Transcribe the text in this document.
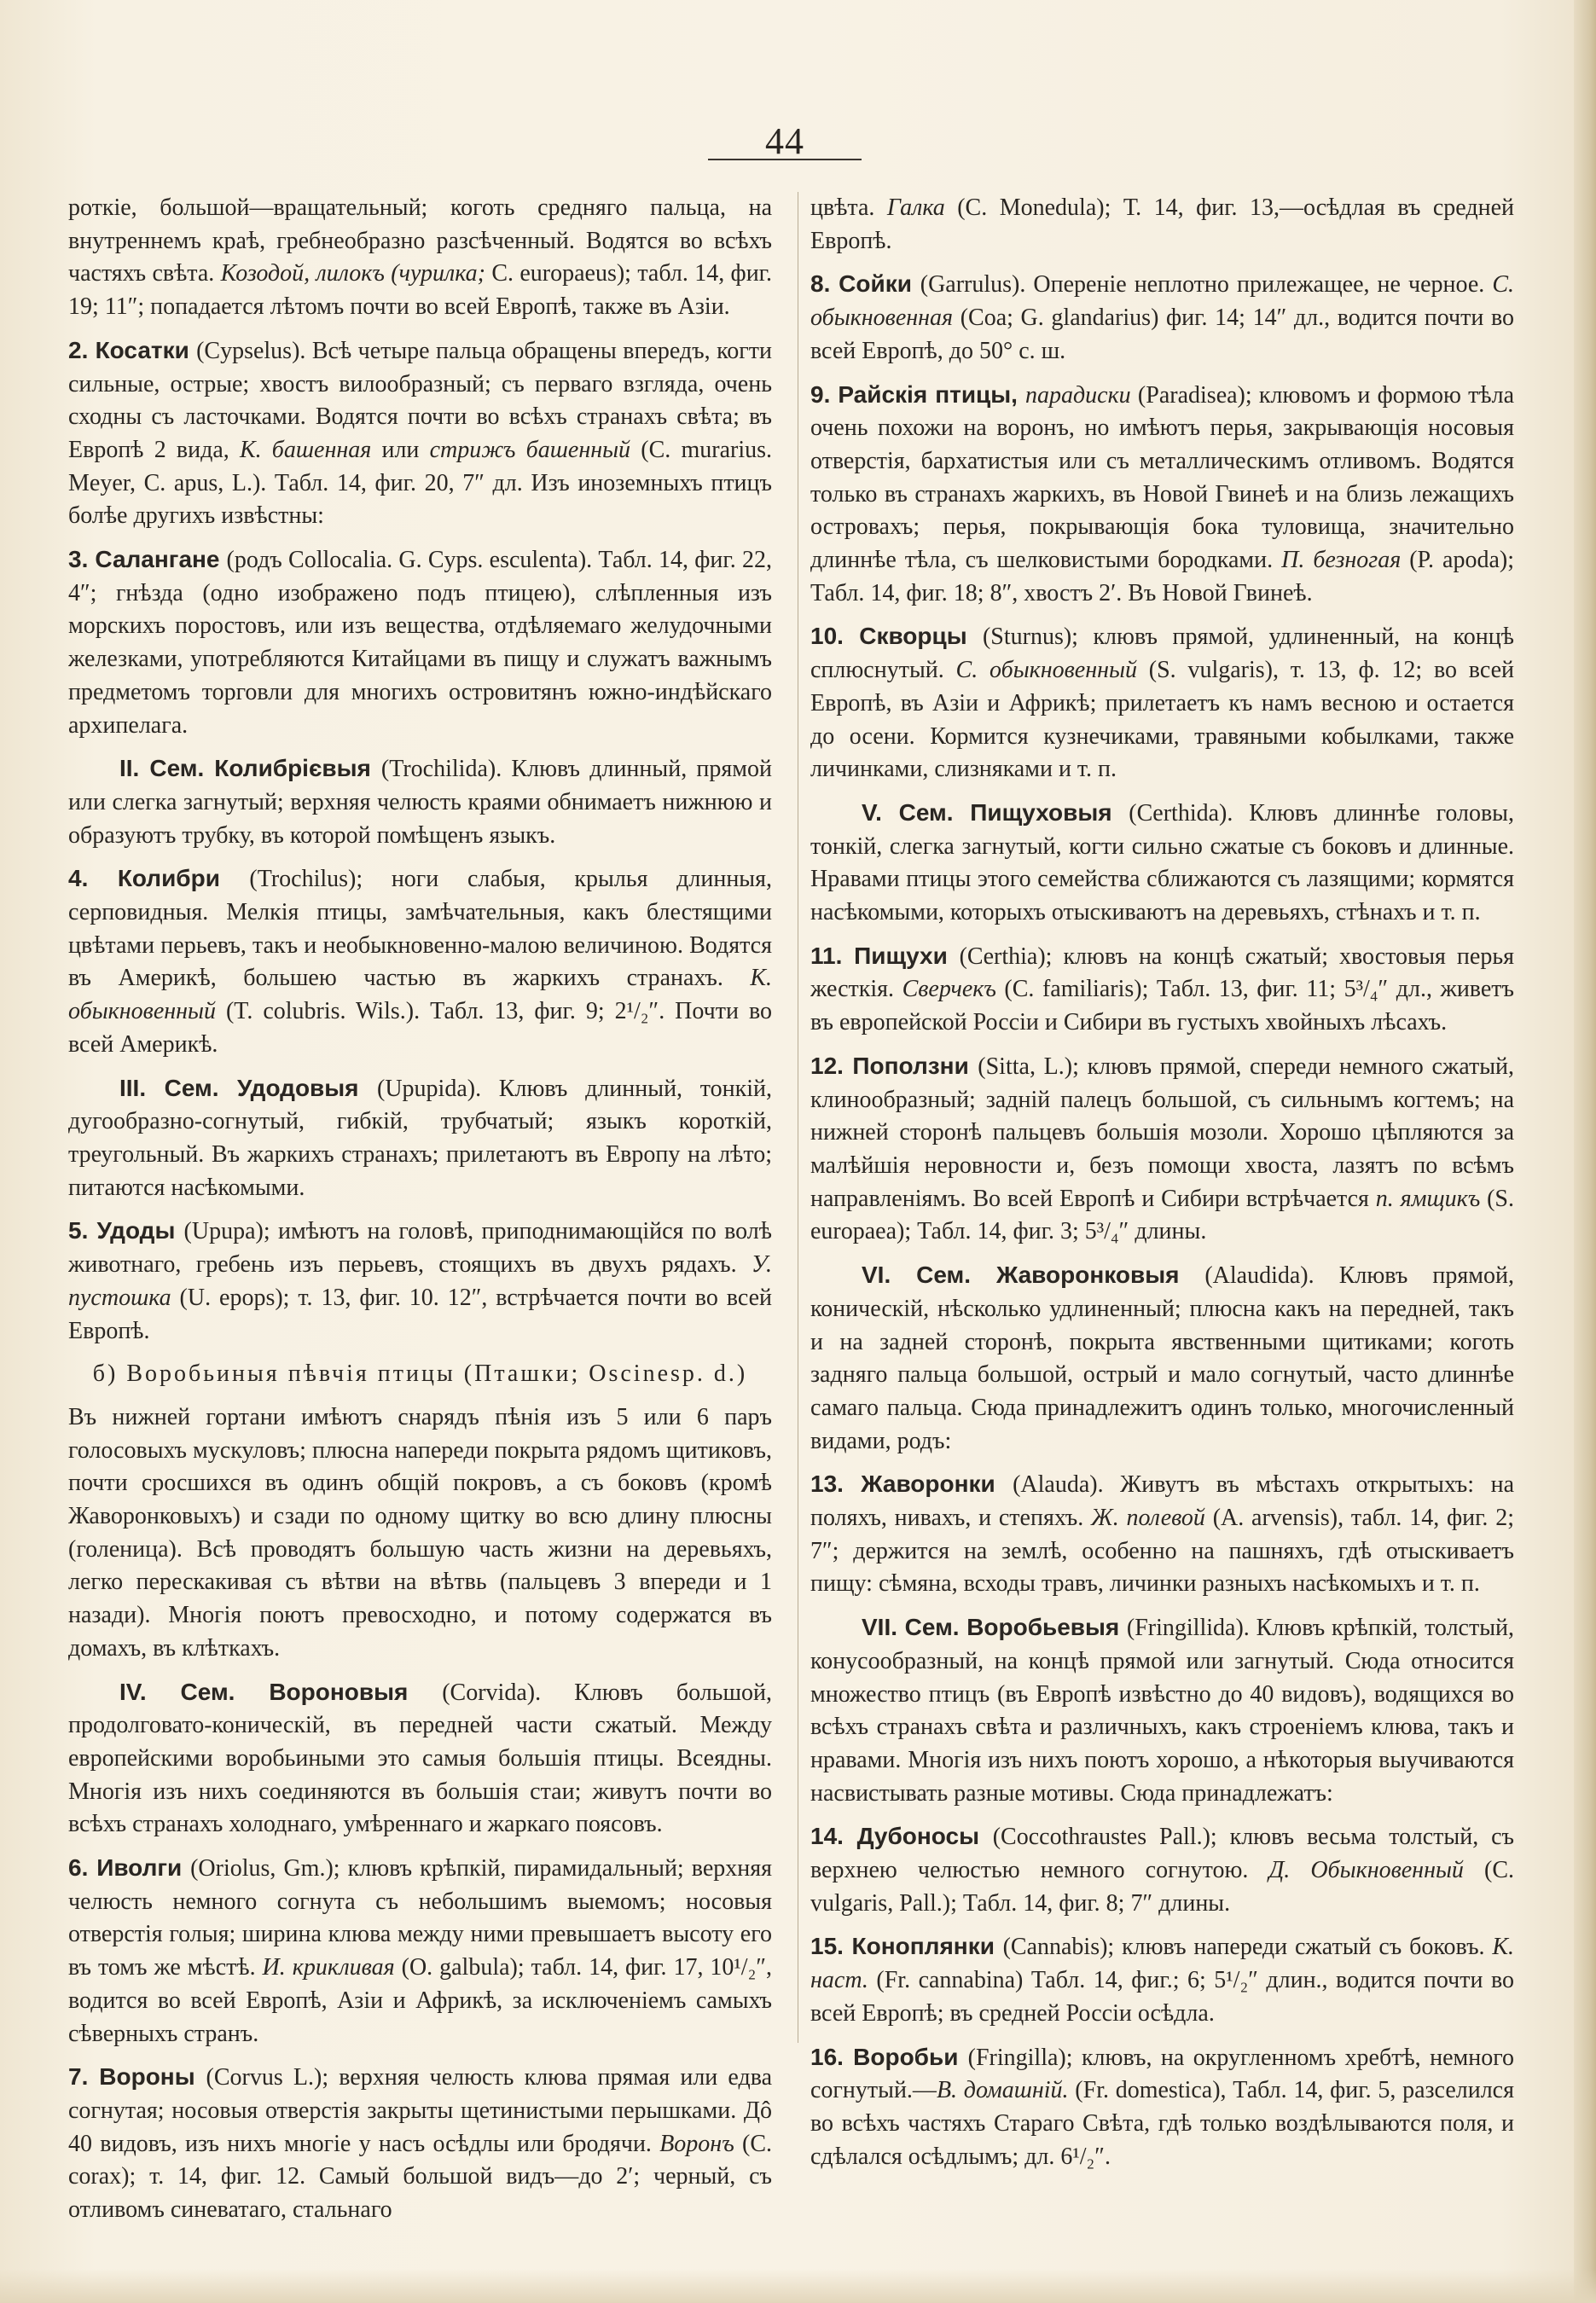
44

роткіе, большой—вращательный; коготь средняго пальца, на внутреннемъ краѣ, гребнеобразно разсѣченный. Водятся во всѣхъ частяхъ свѣта. Козодой, лилокъ (чурилка; C. europaeus); табл. 14, фиг. 19; 11″; попадается лѣтомъ почти во всей Европѣ, также въ Азіи.

2. Косатки (Cypselus). Всѣ четыре пальца обращены впередъ, когти сильные, острые; хвостъ вилообразный; съ перваго взгляда, очень сходны съ ласточками. Водятся почти во всѣхъ странахъ свѣта; въ Европѣ 2 вида, К. башенная или стрижъ башенный (C. murarius. Meyer, C. apus, L.). Табл. 14, фиг. 20, 7″ дл. Изъ иноземныхъ птицъ болѣе другихъ извѣстны:

3. Салангане (родъ Collocalia. G. Cyps. esculenta). Табл. 14, фиг. 22, 4″; гнѣзда (одно изображено подъ птицею), слѣпленныя изъ морскихъ поростовъ, или изъ вещества, отдѣляемаго желудочными железками, употребляются Китайцами въ пищу и служатъ важнымъ предметомъ торговли для многихъ островитянъ южно-индѣйскаго архипелага.

II. Сем. Колибрієвыя (Trochilida). Клювъ длинный, прямой или слегка загнутый; верхняя челюсть краями обнимаетъ нижнюю и образуютъ трубку, въ которой помѣщенъ языкъ.

4. Колибри (Trochilus); ноги слабыя, крылья длинныя, серповидныя. Мелкія птицы, замѣчательныя, какъ блестящими цвѣтами перьевъ, такъ и необыкновенно-малою величиною. Водятся въ Америкѣ, большею частью въ жаркихъ странахъ. К. обыкновенный (T. colubris. Wils.). Табл. 13, фиг. 9; 2¹/₂″. Почти во всей Америкѣ.

III. Сем. Удодовыя (Upupida). Клювъ длинный, тонкій, дугообразно-согнутый, гибкій, трубчатый; языкъ короткій, треугольный. Въ жаркихъ странахъ; прилетаютъ въ Европу на лѣто; питаются насѣкомыми.

5. Удоды (Upupa); имѣютъ на головѣ, приподнимающійся по волѣ животнаго, гребень изъ перьевъ, стоящихъ въ двухъ рядахъ. У. пустошка (U. epops); т. 13, фиг. 10. 12″, встрѣчается почти во всей Европѣ.

б) Воробьиныя пѣвчія птицы (Пташки; Oscinesp. d.)

Въ нижней гортани имѣютъ снарядъ пѣнія изъ 5 или 6 паръ голосовыхъ мускуловъ; плюсна напереди покрыта рядомъ щитиковъ, почти сросшихся въ одинъ общій покровъ, а съ боковъ (кромѣ Жаворонковыхъ) и сзади по одному щитку во всю длину плюсны (голеница). Всѣ проводятъ большую часть жизни на деревьяхъ, легко перескакивая съ вѣтви на вѣтвь (пальцевъ 3 впереди и 1 назади). Многія поютъ превосходно, и потому содержатся въ домахъ, въ клѣткахъ.

IV. Сем. Вороновыя (Corvida). Клювъ большой, продолговато-коническій, въ передней части сжатый. Между европейскими воробьиными это самыя большія птицы. Всеядны. Многія изъ нихъ соединяются въ большія стаи; живутъ почти во всѣхъ странахъ холоднаго, умѣреннаго и жаркаго поясовъ.

6. Иволги (Oriolus, Gm.); клювъ крѣпкій, пирамидальный; верхняя челюсть немного согнута съ небольшимъ выемомъ; носовыя отверстія голыя; ширина клюва между ними превышаетъ высоту его въ томъ же мѣстѣ. И. крикливая (O. galbula); табл. 14, фиг. 17, 10¹/₂″, водится во всей Европѣ, Азіи и Африкѣ, за исключеніемъ самыхъ сѣверныхъ странъ.

7. Вороны (Corvus L.); верхняя челюсть клюва прямая или едва согнутая; носовыя отверстія закрыты щетинистыми перышками. Дô 40 видовъ, изъ нихъ многіе у насъ осѣдлы или бродячи. Воронъ (C. corax); т. 14, фиг. 12. Самый большой видъ—до 2′; черный, съ отливомъ синеватаго, стальнаго

цвѣта. Галка (C. Monedula); Т. 14, фиг. 13,—осѣдлая въ средней Европѣ.

8. Сойки (Garrulus). Опереніе неплотно прилежащее, не черное. С. обыкновенная (Coa; G. glandarius) фиг. 14; 14″ дл., водится почти во всей Европѣ, до 50° с. ш.

9. Райскія птицы, парадиски (Paradisea); клювомъ и формою тѣла очень похожи на воронъ, но имѣютъ перья, закрывающія носовыя отверстія, бархатистыя или съ металлическимъ отливомъ. Водятся только въ странахъ жаркихъ, въ Новой Гвинеѣ и на близь лежащихъ островахъ; перья, покрывающія бока туловища, значительно длиннѣе тѣла, съ шелковистыми бородками. П. безногая (P. apoda); Табл. 14, фиг. 18; 8″, хвостъ 2′. Въ Новой Гвинеѣ.

10. Скворцы (Sturnus); клювъ прямой, удлиненный, на концѣ сплюснутый. С. обыкновенный (S. vulgaris), т. 13, ф. 12; во всей Европѣ, въ Азіи и Африкѣ; прилетаетъ къ намъ весною и остается до осени. Кормится кузнечиками, травяными кобылками, также личинками, слизняками и т. п.

V. Сем. Пищуховыя (Certhida). Клювъ длиннѣе головы, тонкій, слегка загнутый, когти сильно сжатые съ боковъ и длинные. Нравами птицы этого семейства сближаются съ лазящими; кормятся насѣкомыми, которыхъ отыскиваютъ на деревьяхъ, стѣнахъ и т. п.

11. Пищухи (Certhia); клювъ на концѣ сжатый; хвостовыя перья жесткія. Сверчекъ (C. familiaris); Табл. 13, фиг. 11; 5³/₄″ дл., живетъ въ европейской Россіи и Сибири въ густыхъ хвойныхъ лѣсахъ.

12. Поползни (Sitta, L.); клювъ прямой, спереди немного сжатый, клинообразный; задній палецъ большой, съ сильнымъ когтемъ; на нижней сторонѣ пальцевъ большія мозоли. Хорошо цѣпляются за малѣйшія неровности и, безъ помощи хвоста, лазятъ по всѣмъ направленіямъ. Во всей Европѣ и Сибири встрѣчается п. ямщикъ (S. europaea); Табл. 14, фиг. 3; 5³/₄″ длины.

VI. Сем. Жаворонковыя (Alaudida). Клювъ прямой, коническій, нѣсколько удлиненный; плюсна какъ на передней, такъ и на задней сторонѣ, покрыта явственными щитиками; коготь задняго пальца большой, острый и мало согнутый, часто длиннѣе самаго пальца. Сюда принадлежитъ одинъ только, многочисленный видами, родъ:

13. Жаворонки (Alauda). Живутъ въ мѣстахъ открытыхъ: на поляхъ, нивахъ, и степяхъ. Ж. полевой (A. arvensis), табл. 14, фиг. 2; 7″; держится на землѣ, особенно на пашняхъ, гдѣ отыскиваетъ пищу: сѣмяна, всходы травъ, личинки разныхъ насѣкомыхъ и т. п.

VII. Сем. Воробьевыя (Fringillida). Клювъ крѣпкій, толстый, конусообразный, на концѣ прямой или загнутый. Сюда относится множество птицъ (въ Европѣ извѣстно до 40 видовъ), водящихся во всѣхъ странахъ свѣта и различныхъ, какъ строеніемъ клюва, такъ и нравами. Многія изъ нихъ поютъ хорошо, а нѣкоторыя выучиваются насвистывать разные мотивы. Сюда принадлежатъ:

14. Дубоносы (Coccothraustes Pall.); клювъ весьма толстый, съ верхнею челюстью немного согнутою. Д. Обыкновенный (C. vulgaris, Pall.); Табл. 14, фиг. 8; 7″ длины.

15. Коноплянки (Cannabis); клювъ напереди сжатый съ боковъ. К. наст. (Fr. cannabina) Табл. 14, фиг.; 6; 5¹/₂″ длин., водится почти во всей Европѣ; въ средней Россіи осѣдла.

16. Воробьи (Fringilla); клювъ, на округленномъ хребтѣ, немного согнутый.—В. домашній. (Fr. domestica), Табл. 14, фиг. 5, разселился во всѣхъ частяхъ Стараго Свѣта, гдѣ только воздѣлываются поля, и сдѣлался осѣдлымъ; дл. 6¹/₂″.
